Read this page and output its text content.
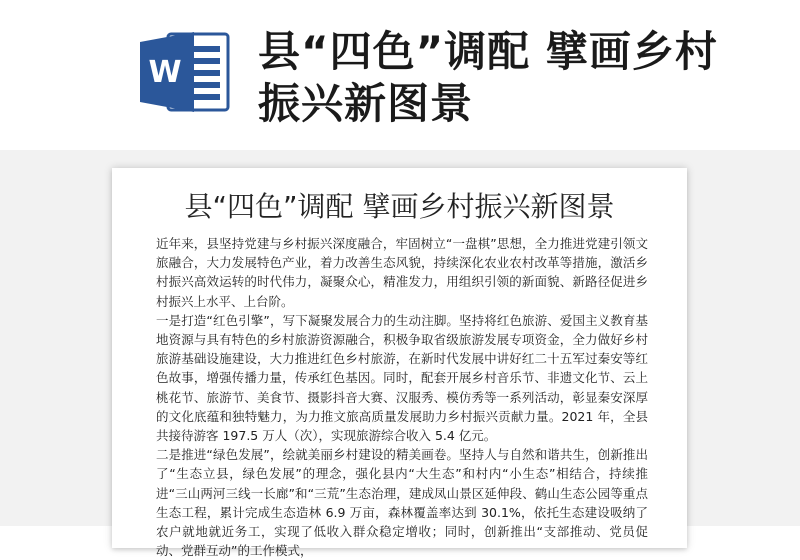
W 县“四色”调配 擘画乡村振兴新图景
县“四色”调配 擘画乡村振兴新图景

近年来，县坚持党建与乡村振兴深度融合，牢固树立“一盘棋”思想，全力推进党建引领文旅融合，大力发展特色产业，着力改善生态风貌，持续深化农业农村改革等措施，激活乡村振兴高效运转的时代伟力，凝聚众心，精准发力，用组织引领的新面貌、新路径促进乡村振兴上水平、上台阶。

一是打造“红色引擎”，写下凝聚发展合力的生动注脚。坚持将红色旅游、爱国主义教育基地资源与具有特色的乡村旅游资源融合，积极争取省级旅游发展专项资金，全力做好乡村旅游基础设施建设，大力推进红色乡村旅游，在新时代发展中讲好红二十五军过秦安等红色故事，增强传播力量，传承红色基因。同时，配套开展乡村音乐节、非遗文化节、云上桃花节、旅游节、美食节、摄影抖音大赛、汉服秀、模仿秀等一系列活动，彰显秦安深厚的文化底蕴和独特魅力，为力推文旅高质量发展助力乡村振兴贡献力量。2021 年，全县共接待游客 197.5 万人（次），实现旅游综合收入 5.4 亿元。

二是推进“绿色发展”，绘就美丽乡村建设的精美画卷。坚持人与自然和谐共生，创新推出了“生态立县，绿色发展”的理念，强化县内“大生态”和村内“小生态”相结合，持续推进“三山两河三线一长廊”和“三荒”生态治理，建成凤山景区延伸段、鹤山生态公园等重点生态工程，累计完成生态造林 6.9 万亩，森林覆盖率达到 30.1%，依托生态建设吸纳了农户就地就近务工，实现了低收入群众稳定增收；同时，创新推出“支部推动、党员促动、党群互动”的工作模式，
